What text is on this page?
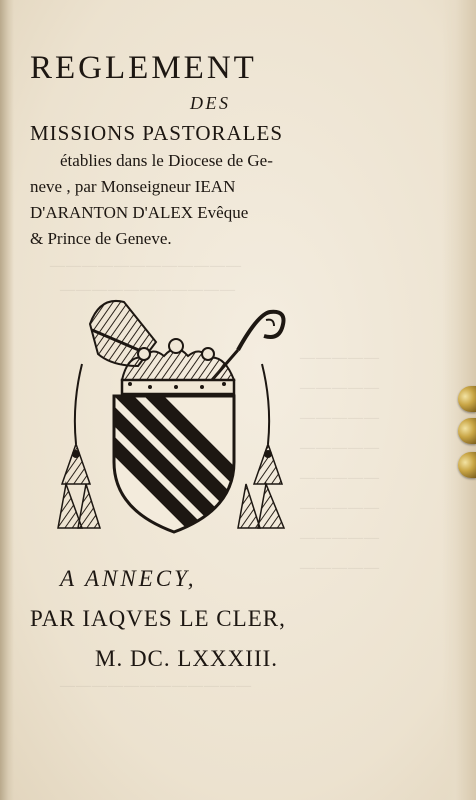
————————————
———————————
—————
—————
—————
—————
—————
—————
—————
—————
————————————
REGLEMENT
DES
MISSIONS PASTORALES
établies dans le Diocese de Ge-
neve , par Monseigneur IEAN
D'ARANTON D'ALEX Evêque
& Prince de Geneve.
A ANNECY,
PAR IAQVES LE CLER,
M. DC. LXXXIII.
